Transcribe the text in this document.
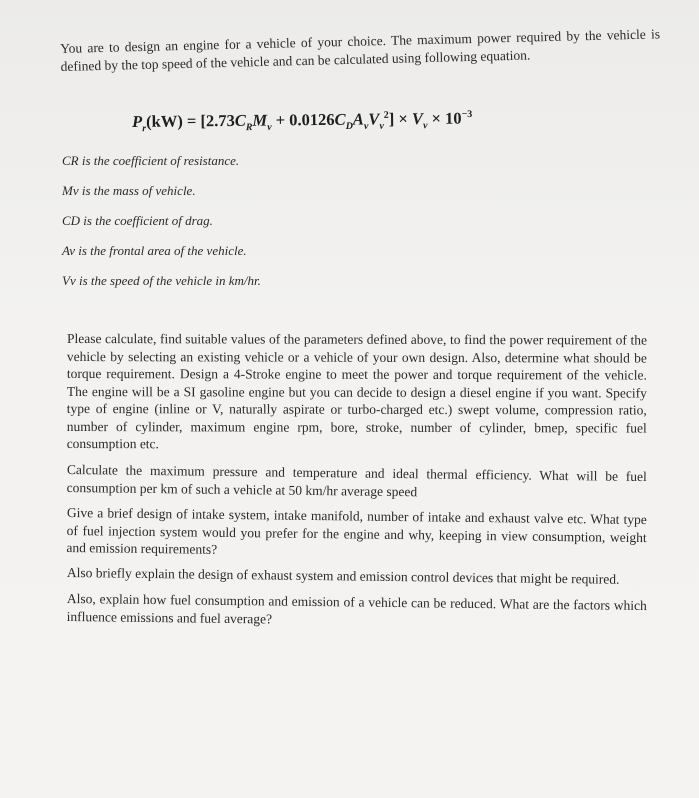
You are to design an engine for a vehicle of your choice. The maximum power required by the vehicle is defined by the top speed of the vehicle and can be calculated using following equation.
$P_r(kW) = [2.73C_RM_v + 0.0126C_DA_vV_v^2] \times V_v \times 10^{-3}$
CR is the coefficient of resistance.
Mv is the mass of vehicle.
CD is the coefficient of drag.
Av is the frontal area of the vehicle.
Vv is the speed of the vehicle in km/hr.

Please calculate, find suitable values of the parameters defined above, to find the power requirement of the vehicle by selecting an existing vehicle or a vehicle of your own design. Also, determine what should be torque requirement. Design a 4-Stroke engine to meet the power and torque requirement of the vehicle. The engine will be a SI gasoline engine but you can decide to design a diesel engine if you want. Specify type of engine (inline or V, naturally aspirate or turbo-charged etc.) swept volume, compression ratio, number of cylinder, maximum engine rpm, bore, stroke, number of cylinder, bmep, specific fuel consumption etc.

Calculate the maximum pressure and temperature and ideal thermal efficiency. What will be fuel consumption per km of such a vehicle at 50 km/hr average speed

Give a brief design of intake system, intake manifold, number of intake and exhaust valve etc. What type of fuel injection system would you prefer for the engine and why, keeping in view consumption, weight and emission requirements?

Also briefly explain the design of exhaust system and emission control devices that might be required.

Also, explain how fuel consumption and emission of a vehicle can be reduced. What are the factors which influence emissions and fuel average?
